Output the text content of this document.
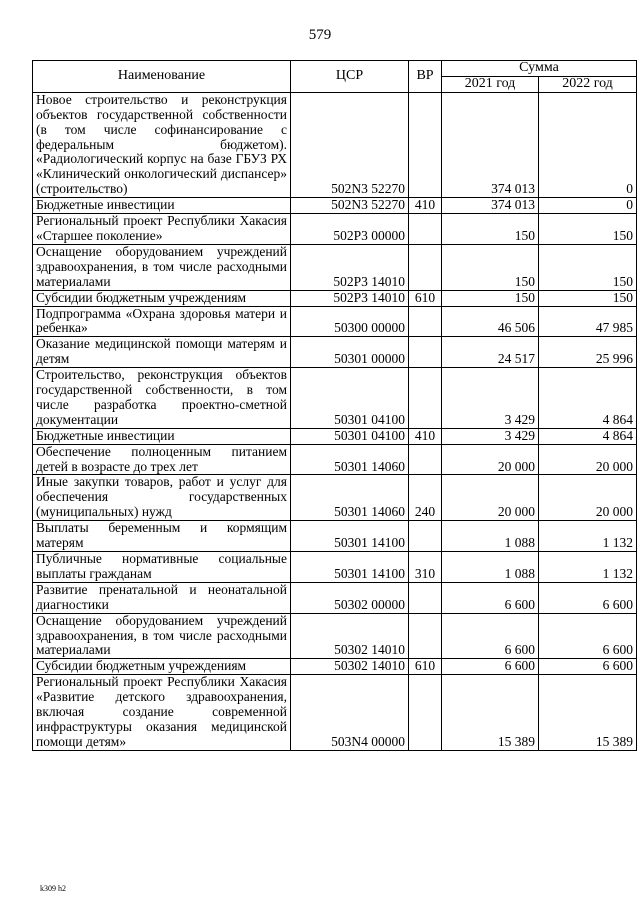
579
Наименование	ЦСР	ВР	Сумма	
			2021 год	2022 год
Новое строительство и реконструкция объектов государственной собственности (в том числе софинансирование с федеральным бюджетом). «Радиологический корпус на базе ГБУЗ РХ «Клинический онкологический диспансер» (строительство)	502N3 52270		374 013	0
Бюджетные инвестиции	502N3 52270	410	374 013	0
Региональный проект Республики Хакасия «Старшее поколение»	502P3 00000		150	150
Оснащение оборудованием учреждений здравоохранения, в том числе расходными материалами	502P3 14010		150	150
Субсидии бюджетным учреждениям	502P3 14010	610	150	150
Подпрограмма «Охрана здоровья матери и ребенка»	50300 00000		46 506	47 985
Оказание медицинской помощи матерям и детям	50301 00000		24 517	25 996
Строительство, реконструкция объектов государственной собственности, в том числе разработка проектно-сметной документации	50301 04100		3 429	4 864
Бюджетные инвестиции	50301 04100	410	3 429	4 864
Обеспечение полноценным питанием детей в возрасте до трех лет	50301 14060		20 000	20 000
Иные закупки товаров, работ и услуг для обеспечения государственных (муниципальных) нужд	50301 14060	240	20 000	20 000
Выплаты беременным и кормящим матерям	50301 14100		1 088	1 132
Публичные нормативные социальные выплаты гражданам	50301 14100	310	1 088	1 132
Развитие пренатальной и неонатальной диагностики	50302 00000		6 600	6 600
Оснащение оборудованием учреждений здравоохранения, в том числе расходными материалами	50302 14010		6 600	6 600
Субсидии бюджетным учреждениям	50302 14010	610	6 600	6 600
Региональный проект Республики Хакасия «Развитие детского здравоохранения, включая создание современной инфраструктуры оказания медицинской помощи детям»	503N4 00000		15 389	15 389
k309 h2
